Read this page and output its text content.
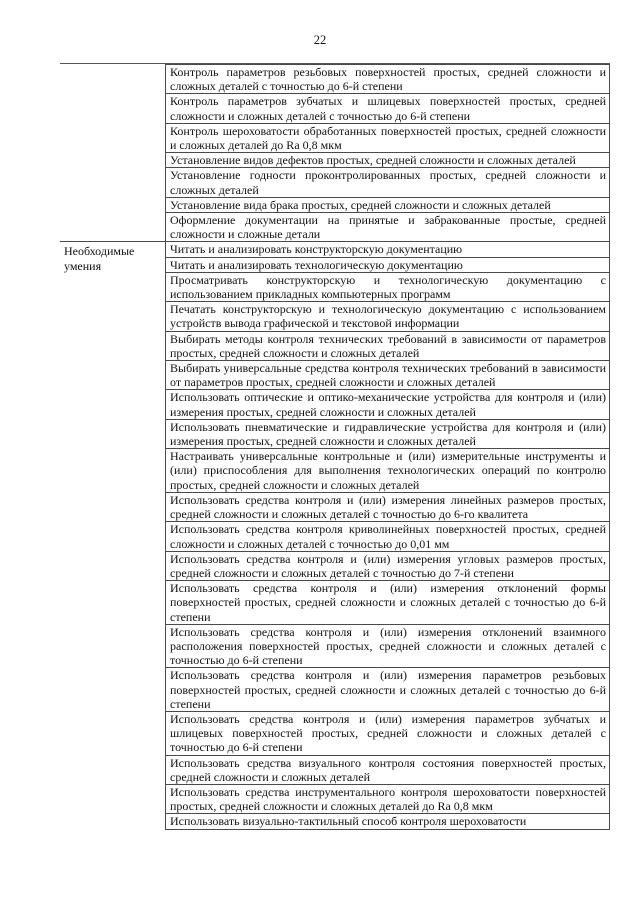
22
	Контроль параметров резьбовых поверхностей простых, средней сложности и сложных деталей с точностью до 6-й степени
	Контроль параметров зубчатых и шлицевых поверхностей простых, средней сложности и сложных деталей с точностью до 6-й степени
	Контроль шероховатости обработанных поверхностей простых, средней сложности и сложных деталей до Ra 0,8 мкм
	Установление видов дефектов простых, средней сложности и сложных деталей
	Установление годности проконтролированных простых, средней сложности и сложных деталей
	Установление вида брака простых, средней сложности и сложных деталей
	Оформление документации на принятые и забракованные простые, средней сложности и сложные детали
Необходимые умения	Читать и анализировать конструкторскую документацию
	Читать и анализировать технологическую документацию
	Просматривать конструкторскую и технологическую документацию с использованием прикладных компьютерных программ
	Печатать конструкторскую и технологическую документацию с использованием устройств вывода графической и текстовой информации
	Выбирать методы контроля технических требований в зависимости от параметров простых, средней сложности и сложных деталей
	Выбирать универсальные средства контроля технических требований в зависимости от параметров простых, средней сложности и сложных деталей
	Использовать оптические и оптико-механические устройства для контроля и (или) измерения простых, средней сложности и сложных деталей
	Использовать пневматические и гидравлические устройства для контроля и (или) измерения простых, средней сложности и сложных деталей
	Настраивать универсальные контрольные и (или) измерительные инструменты и (или) приспособления для выполнения технологических операций по контролю простых, средней сложности и сложных деталей
	Использовать средства контроля и (или) измерения линейных размеров простых, средней сложности и сложных деталей с точностью до 6-го квалитета
	Использовать средства контроля криволинейных поверхностей простых, средней сложности и сложных деталей с точностью до 0,01 мм
	Использовать средства контроля и (или) измерения угловых размеров простых, средней сложности и сложных деталей с точностью до 7-й степени
	Использовать средства контроля и (или) измерения отклонений формы поверхностей простых, средней сложности и сложных деталей с точностью до 6-й степени
	Использовать средства контроля и (или) измерения отклонений взаимного расположения поверхностей простых, средней сложности и сложных деталей с точностью до 6-й степени
	Использовать средства контроля и (или) измерения параметров резьбовых поверхностей простых, средней сложности и сложных деталей с точностью до 6-й степени
	Использовать средства контроля и (или) измерения параметров зубчатых и шлицевых поверхностей простых, средней сложности и сложных деталей с точностью до 6-й степени
	Использовать средства визуального контроля состояния поверхностей простых, средней сложности и сложных деталей
	Использовать средства инструментального контроля шероховатости поверхностей простых, средней сложности и сложных деталей до Ra 0,8 мкм
	Использовать визуально-тактильный способ контроля шероховатости
